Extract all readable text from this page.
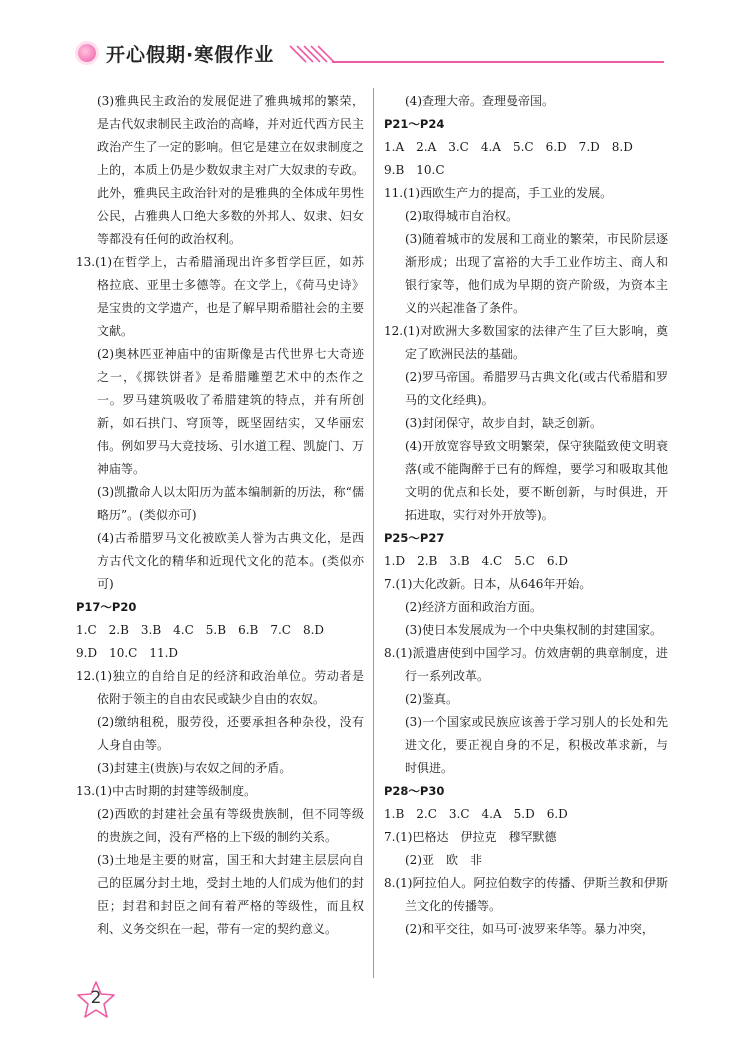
开心假期·寒假作业

(3)雅典民主政治的发展促进了雅典城邦的繁荣，是古代奴隶制民主政治的高峰，并对近代西方民主政治产生了一定的影响。但它是建立在奴隶制度之上的，本质上仍是少数奴隶主对广大奴隶的专政。此外，雅典民主政治针对的是雅典的全体成年男性公民，占雅典人口绝大多数的外邦人、奴隶、妇女等都没有任何的政治权利。

13.(1)在哲学上，古希腊涌现出许多哲学巨匠，如苏格拉底、亚里士多德等。在文学上，《荷马史诗》是宝贵的文学遗产，也是了解早期希腊社会的主要文献。

(2)奥林匹亚神庙中的宙斯像是古代世界七大奇迹之一，《掷铁饼者》是希腊雕塑艺术中的杰作之一。罗马建筑吸收了希腊建筑的特点，并有所创新，如石拱门、穹顶等，既坚固结实，又华丽宏伟。例如罗马大竞技场、引水道工程、凯旋门、万神庙等。

(3)凯撒命人以太阳历为蓝本编制新的历法，称“儒略历”。(类似亦可)

(4)古希腊罗马文化被欧美人誉为古典文化，是西方古代文化的精华和近现代文化的范本。(类似亦可)

P17～P20

1.C　2.B　3.B　4.C　5.B　6.B　7.C　8.D

9.D　10.C　11.D

12.(1)独立的自给自足的经济和政治单位。劳动者是依附于领主的自由农民或缺少自由的农奴。

(2)缴纳租税，服劳役，还要承担各种杂役，没有人身自由等。

(3)封建主(贵族)与农奴之间的矛盾。

13.(1)中古时期的封建等级制度。

(2)西欧的封建社会虽有等级贵族制，但不同等级的贵族之间，没有严格的上下级的制约关系。

(3)土地是主要的财富，国王和大封建主层层向自己的臣属分封土地，受封土地的人们成为他们的封臣；封君和封臣之间有着严格的等级性，而且权利、义务交织在一起，带有一定的契约意义。

(4)查理大帝。查理曼帝国。

P21～P24

1.A　2.A　3.C　4.A　5.C　6.D　7.D　8.D

9.B　10.C

11.(1)西欧生产力的提高，手工业的发展。

(2)取得城市自治权。

(3)随着城市的发展和工商业的繁荣，市民阶层逐渐形成；出现了富裕的大手工业作坊主、商人和银行家等，他们成为早期的资产阶级，为资本主义的兴起准备了条件。

12.(1)对欧洲大多数国家的法律产生了巨大影响，奠定了欧洲民法的基础。

(2)罗马帝国。希腊罗马古典文化(或古代希腊和罗马的文化经典)。

(3)封闭保守，故步自封，缺乏创新。

(4)开放宽容导致文明繁荣，保守狭隘致使文明衰落(或不能陶醉于已有的辉煌，要学习和吸取其他文明的优点和长处，要不断创新，与时俱进，开拓进取，实行对外开放等)。

P25～P27

1.D　2.B　3.B　4.C　5.C　6.D

7.(1)大化改新。日本，从646年开始。

(2)经济方面和政治方面。

(3)使日本发展成为一个中央集权制的封建国家。

8.(1)派遣唐使到中国学习。仿效唐朝的典章制度，进行一系列改革。

(2)鉴真。

(3)一个国家或民族应该善于学习别人的长处和先进文化，要正视自身的不足，积极改革求新，与时俱进。

P28～P30

1.B　2.C　3.C　4.A　5.D　6.D

7.(1)巴格达　伊拉克　穆罕默德

(2)亚　欧　非

8.(1)阿拉伯人。阿拉伯数字的传播、伊斯兰教和伊斯兰文化的传播等。

(2)和平交往，如马可·波罗来华等。暴力冲突，

2
